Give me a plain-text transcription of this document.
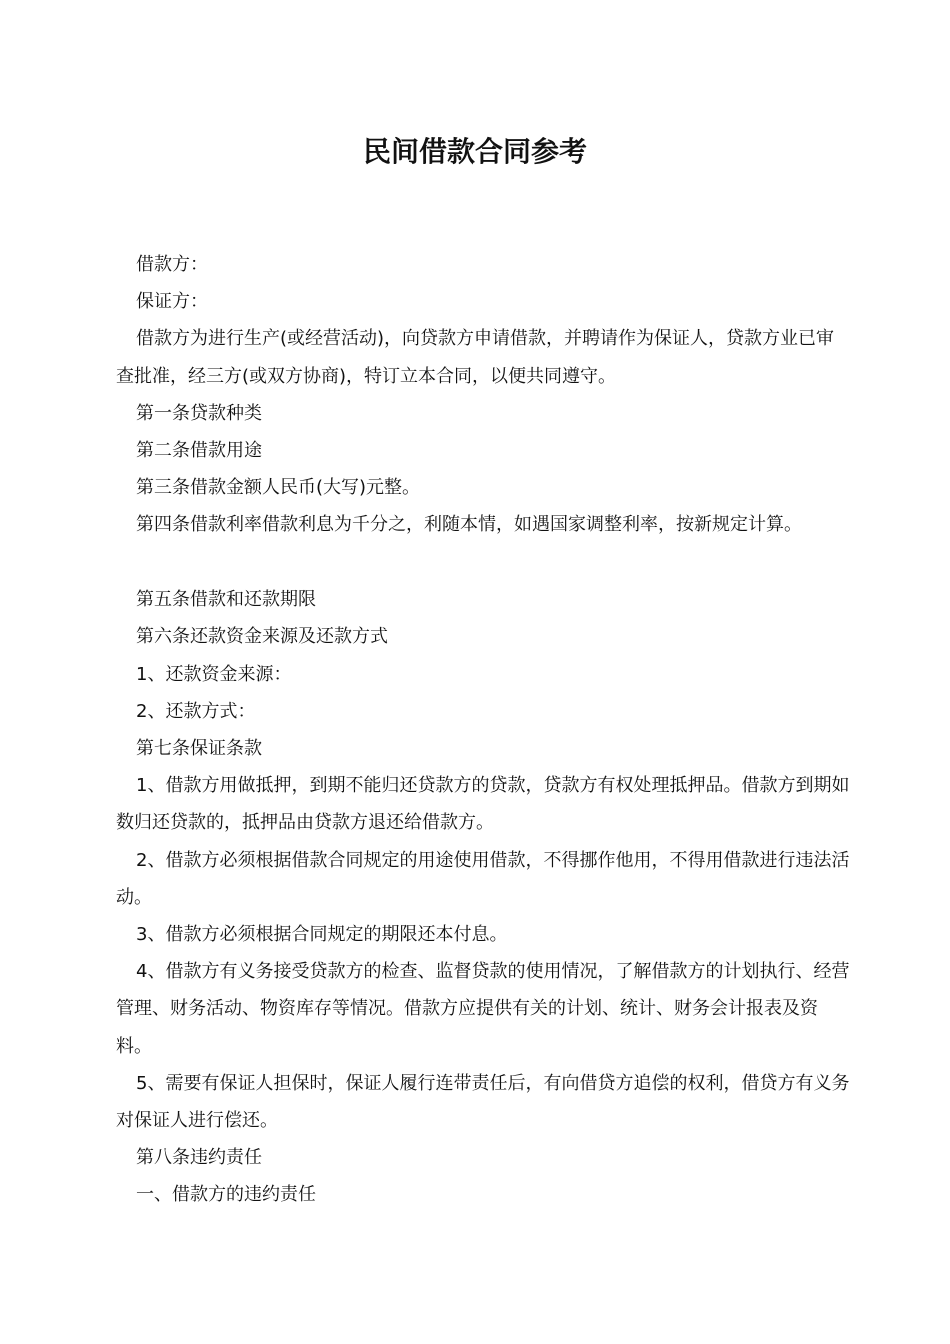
民间借款合同参考

借款方：

保证方：

借款方为进行生产(或经营活动)，向贷款方申请借款，并聘请作为保证人，贷款方业已审查批准，经三方(或双方协商)，特订立本合同，以便共同遵守。

第一条贷款种类

第二条借款用途

第三条借款金额人民币(大写)元整。

第四条借款利率借款利息为千分之，利随本情，如遇国家调整利率，按新规定计算。

第五条借款和还款期限

第六条还款资金来源及还款方式

1、还款资金来源：

2、还款方式：

第七条保证条款

1、借款方用做抵押，到期不能归还贷款方的贷款，贷款方有权处理抵押品。借款方到期如数归还贷款的，抵押品由贷款方退还给借款方。

2、借款方必须根据借款合同规定的用途使用借款，不得挪作他用，不得用借款进行违法活动。

3、借款方必须根据合同规定的期限还本付息。

4、借款方有义务接受贷款方的检查、监督贷款的使用情况，了解借款方的计划执行、经营管理、财务活动、物资库存等情况。借款方应提供有关的计划、统计、财务会计报表及资料。

5、需要有保证人担保时，保证人履行连带责任后，有向借贷方追偿的权利，借贷方有义务对保证人进行偿还。

第八条违约责任

一、借款方的违约责任
